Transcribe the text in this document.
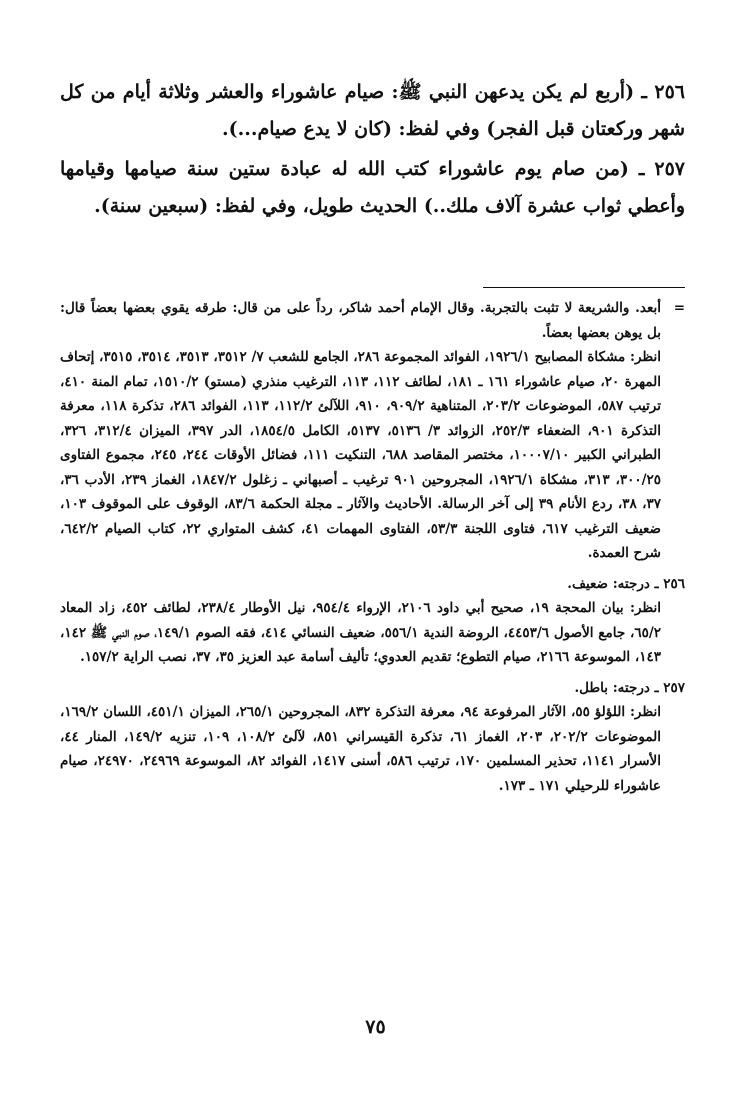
٢٥٦ ـ (أربع لم يكن يدعهن النبي ﷺ: صيام عاشوراء والعشر وثلاثة أيام من كل شهر وركعتان قبل الفجر) وفي لفظ: (كان لا يدع صيام...).

٢٥٧ ـ (من صام يوم عاشوراء كتب الله له عبادة ستين سنة صيامها وقيامها وأعطي ثواب عشرة آلاف ملك..) الحديث طويل، وفي لفظ: (سبعين سنة).

=
أبعد. والشريعة لا تثبت بالتجربة. وقال الإمام أحمد شاكر، رداً على من قال: طرقه يقوي بعضها بعضاً قال: بل يوهن بعضها بعضاً.
انظر: مشكاة المصابيح ١٩٢٦/١، الفوائد المجموعة ٢٨٦، الجامع للشعب ٧/ ٣٥١٢، ٣٥١٣، ٣٥١٤، ٣٥١٥، إتحاف المهرة ٢٠، صيام عاشوراء ١٦١ ـ ١٨١، لطائف ١١٢، ١١٣، الترغيب منذري (مستو) ١٥١٠/٢، تمام المنة ٤١٠، ترتيب ٥٨٧، الموضوعات ٢٠٣/٢، المتناهية ٩٠٩/٢، ٩١٠، اللآلئ ١١٢/٢، ١١٣، الفوائد ٢٨٦، تذكرة ١١٨، معرفة التذكرة ٩٠١، الضعفاء ٢٥٢/٣، الزوائد ٣/ ٥١٣٦، ٥١٣٧، الكامل ١٨٥٤/٥، الدر ٣٩٧، الميزان ٣١٢/٤، ٣٢٦، الطبراني الكبير ١٠٠٠٧/١٠، مختصر المقاصد ٦٨٨، التنكيت ١١١، فضائل الأوقات ٢٤٤، ٢٤٥، مجموع الفتاوى ٣٠٠/٢٥، ٣١٣، مشكاة ١٩٢٦/١، المجروحين ٩٠١ ترغيب ـ أصبهاني ـ زغلول ١٨٤٧/٢، الغماز ٢٣٩، الأدب ٣٦، ٣٧، ٣٨، ردع الأنام ٣٩ إلى آخر الرسالة. الأحاديث والآثار ـ مجلة الحكمة ٨٣/٦، الوقوف على الموقوف ١٠٣، ضعيف الترغيب ٦١٧، فتاوى اللجنة ٥٣/٣، الفتاوى المهمات ٤١، كشف المتواري ٢٢، كتاب الصيام ٦٤٢/٢، شرح العمدة.
٢٥٦ ـ درجته: ضعيف.
انظر: بيان المحجة ١٩، صحيح أبي داود ٢١٠٦، الإرواء ٩٥٤/٤، نيل الأوطار ٢٣٨/٤، لطائف ٤٥٢، زاد المعاد ٦٥/٢، جامع الأصول ٤٤٥٣/٦، الروضة الندية ٥٥٦/١، ضعيف النسائي ٤١٤، فقه الصوم ١٤٩/١، صوم النبي ﷺ ١٤٢، ١٤٣، الموسوعة ٢١٦٦، صيام التطوع؛ تقديم العدوي؛ تأليف أسامة عبد العزيز ٣٥، ٣٧، نصب الراية ١٥٧/٢.
٢٥٧ ـ درجته: باطل.
انظر: اللؤلؤ ٥٥، الآثار المرفوعة ٩٤، معرفة التذكرة ٨٣٢، المجروحين ٢٦٥/١، الميزان ٤٥١/١، اللسان ١٦٩/٢، الموضوعات ٢٠٢/٢، ٢٠٣، الغماز ٦١، تذكرة القيسراني ٨٥١، لآلئ ١٠٨/٢، ١٠٩، تنزيه ١٤٩/٢، المنار ٤٤، الأسرار ١١٤١، تحذير المسلمين ١٧٠، ترتيب ٥٨٦، أسنى ١٤١٧، الفوائد ٨٢، الموسوعة ٢٤٩٦٩، ٢٤٩٧٠، صيام عاشوراء للرحيلي ١٧١ ـ ١٧٣.
٧٥
